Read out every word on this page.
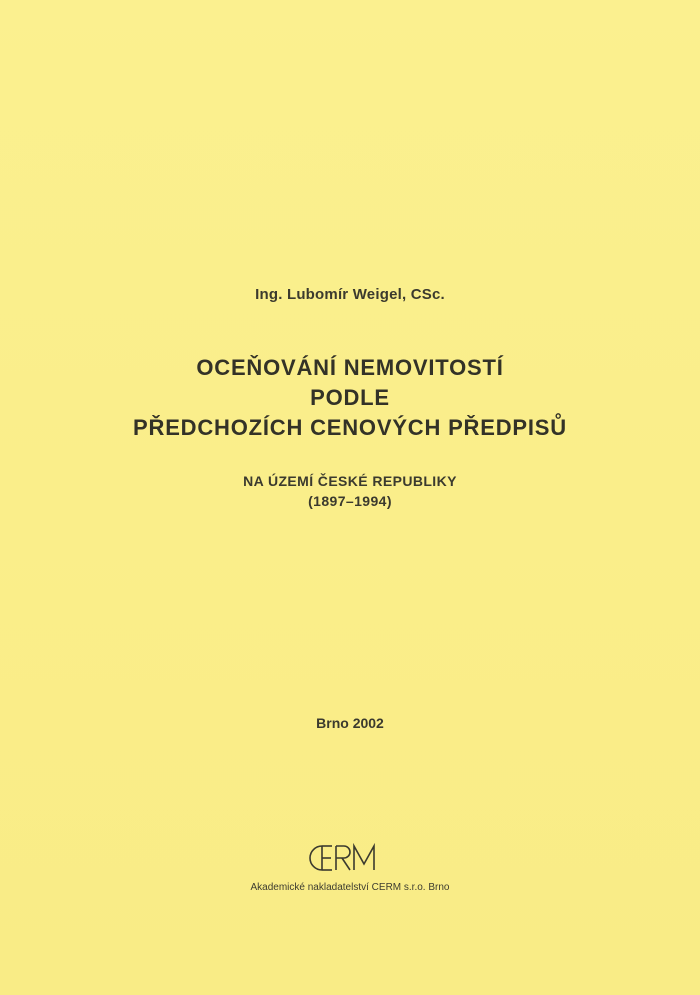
Ing. Lubomír Weigel, CSc.
OCEŇOVÁNÍ NEMOVITOSTÍ
PODLE
PŘEDCHOZÍCH CENOVÝCH PŘEDPISŮ
NA ÚZEMÍ ČESKÉ REPUBLIKY
(1897–1994)
Brno 2002
Akademické nakladatelství CERM s.r.o. Brno
